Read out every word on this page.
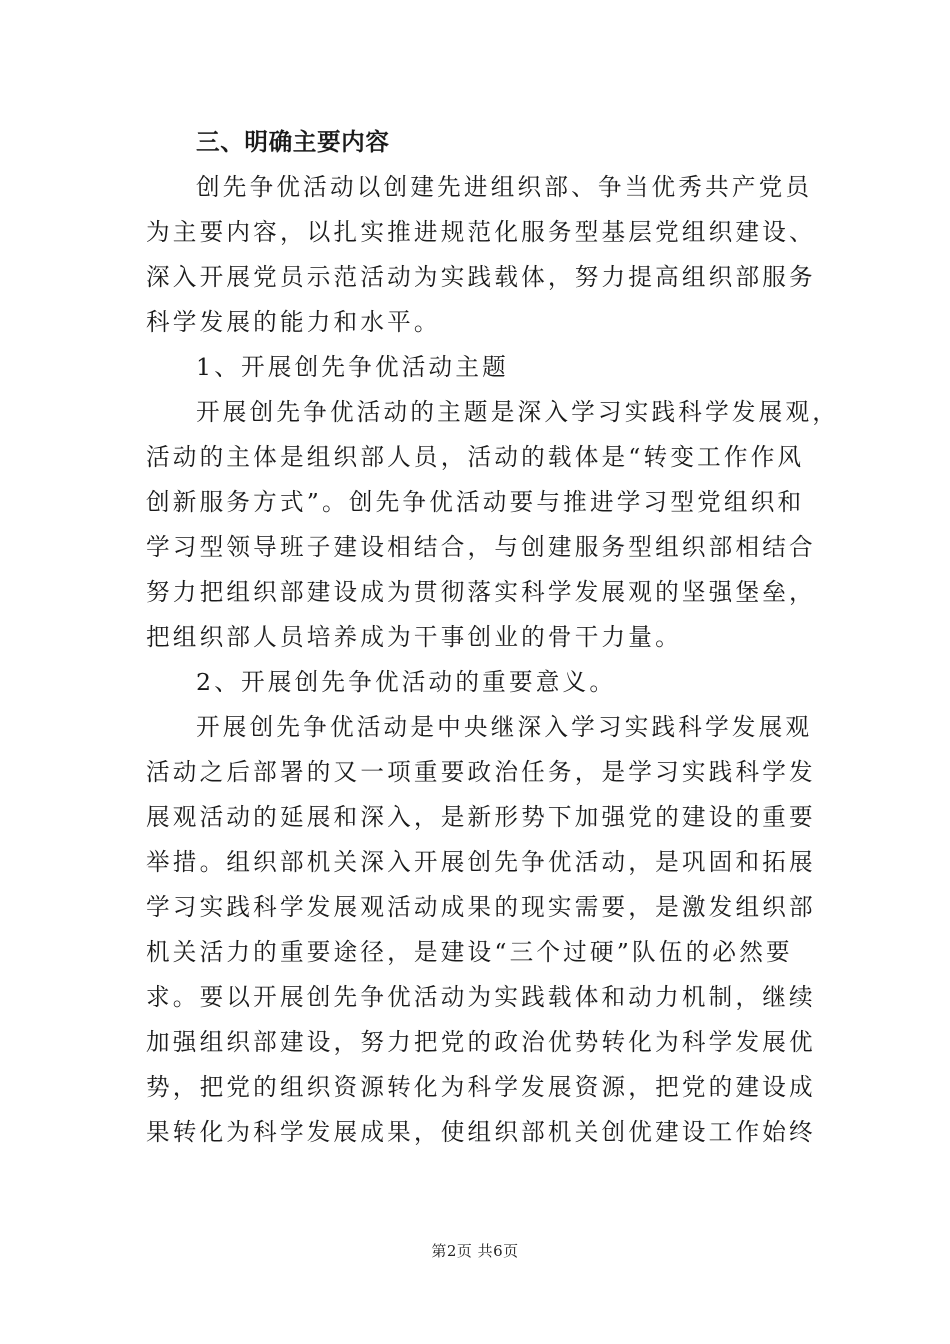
三、明确主要内容
创先争优活动以创建先进组织部、争当优秀共产党员
为主要内容，以扎实推进规范化服务型基层党组织建设、
深入开展党员示范活动为实践载体，努力提高组织部服务
科学发展的能力和水平。
1、开展创先争优活动主题
开展创先争优活动的主题是深入学习实践科学发展观，
活动的主体是组织部人员，活动的载体是“转变工作作风
创新服务方式”。创先争优活动要与推进学习型党组织和
学习型领导班子建设相结合，与创建服务型组织部相结合
努力把组织部建设成为贯彻落实科学发展观的坚强堡垒，
把组织部人员培养成为干事创业的骨干力量。
2、开展创先争优活动的重要意义。
开展创先争优活动是中央继深入学习实践科学发展观
活动之后部署的又一项重要政治任务，是学习实践科学发
展观活动的延展和深入，是新形势下加强党的建设的重要
举措。组织部机关深入开展创先争优活动，是巩固和拓展
学习实践科学发展观活动成果的现实需要，是激发组织部
机关活力的重要途径，是建设“三个过硬”队伍的必然要
求。要以开展创先争优活动为实践载体和动力机制，继续
加强组织部建设，努力把党的政治优势转化为科学发展优
势，把党的组织资源转化为科学发展资源，把党的建设成
果转化为科学发展成果，使组织部机关创优建设工作始终
第2页 共6页
